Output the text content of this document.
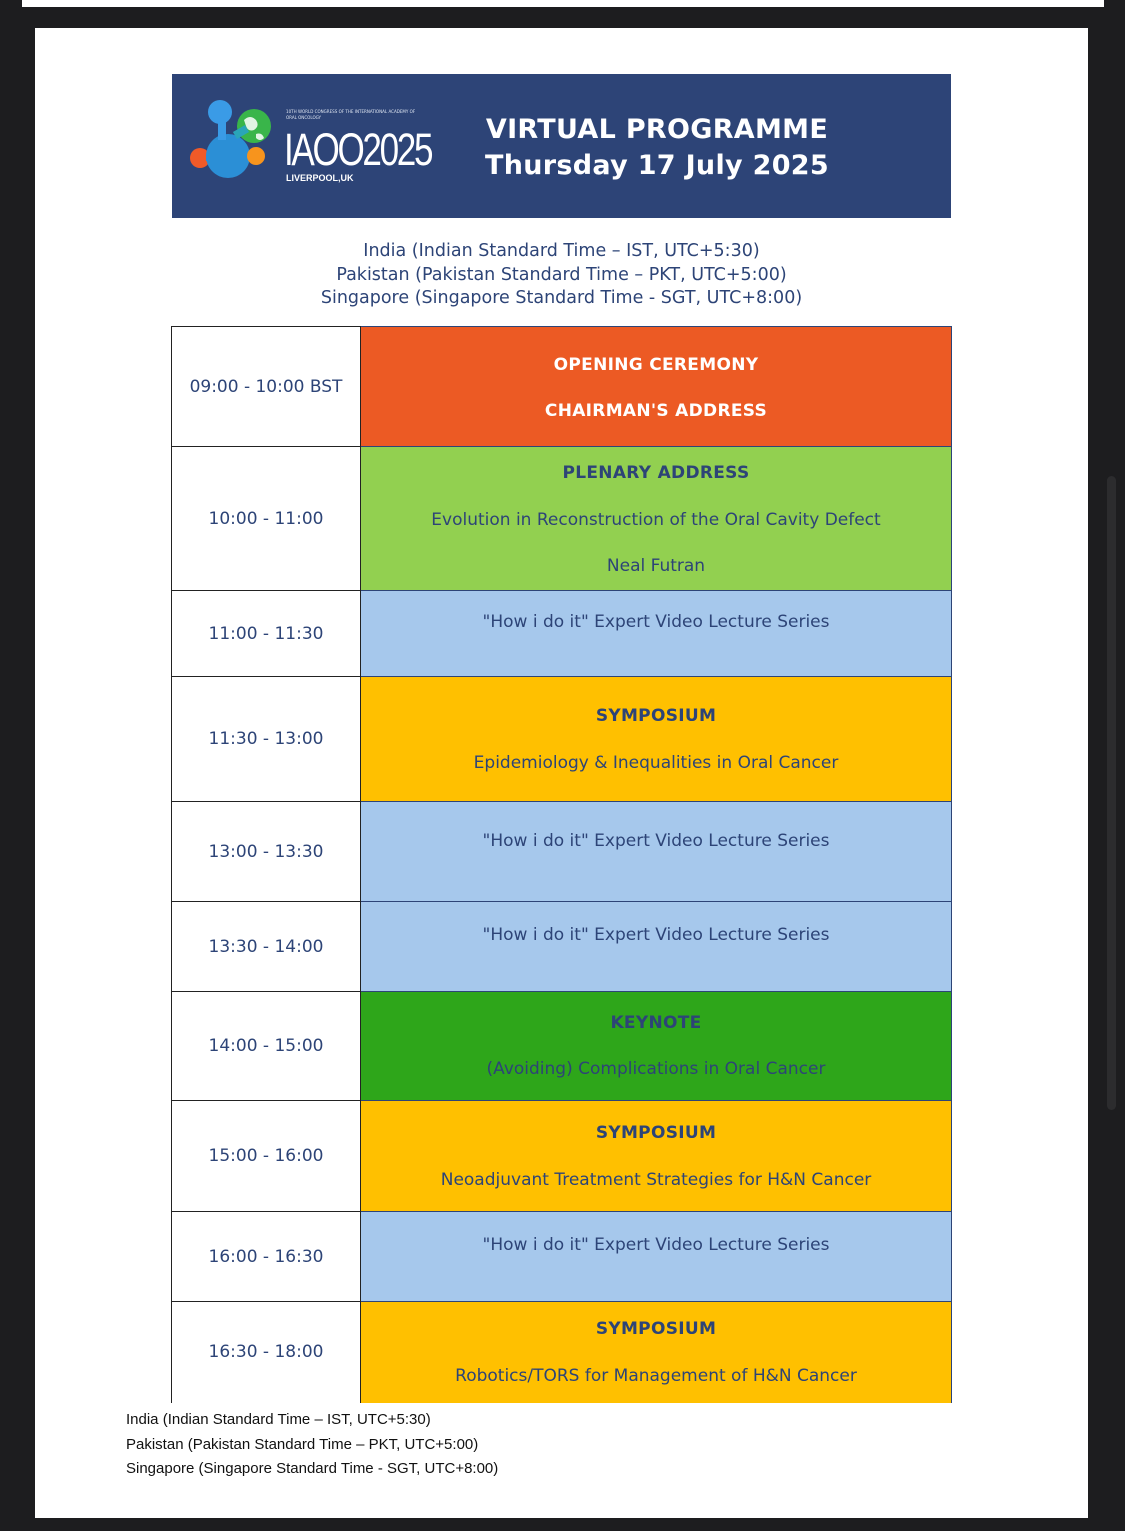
10TH WORLD CONGRESS OF THE INTERNATIONAL ACADEMY OF ORAL ONCOLOGY
IAOO2025
LIVERPOOL,UK
VIRTUAL PROGRAMME
Thursday 17 July 2025
India (Indian Standard Time – IST, UTC+5:30)
Pakistan (Pakistan Standard Time – PKT, UTC+5:00)
Singapore (Singapore Standard Time - SGT, UTC+8:00)
09:00 - 10:00 BST	OPENING CEREMONY
CHAIRMAN'S ADDRESS

10:00 - 11:00	PLENARY ADDRESS
Evolution in Reconstruction of the Oral Cavity Defect
Neal Futran

11:00 - 11:30	"How i do it" Expert Video Lecture Series

11:30 - 13:00	SYMPOSIUM
Epidemiology & Inequalities in Oral Cancer

13:00 - 13:30	"How i do it" Expert Video Lecture Series

13:30 - 14:00	"How i do it" Expert Video Lecture Series

14:00 - 15:00	KEYNOTE
(Avoiding) Complications in Oral Cancer

15:00 - 16:00	SYMPOSIUM
Neoadjuvant Treatment Strategies for H&N Cancer

16:00 - 16:30	"How i do it" Expert Video Lecture Series

16:30 - 18:00	SYMPOSIUM
Robotics/TORS for Management of H&N Cancer
India (Indian Standard Time – IST, UTC+5:30)
Pakistan (Pakistan Standard Time – PKT, UTC+5:00)
Singapore (Singapore Standard Time - SGT, UTC+8:00)
